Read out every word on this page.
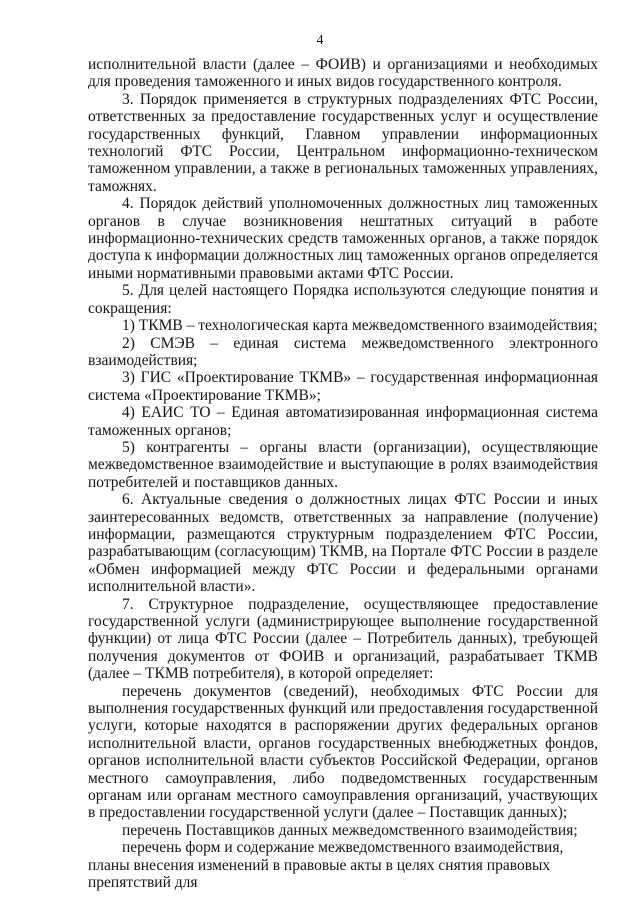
4

исполнительной власти (далее – ФОИВ) и организациями и необходимых для проведения таможенного и иных видов государственного контроля.

3. Порядок применяется в структурных подразделениях ФТС России, ответственных за предоставление государственных услуг и осуществление государственных функций, Главном управлении информационных технологий ФТС России, Центральном информационно-техническом таможенном управлении, а также в региональных таможенных управлениях, таможнях.

4. Порядок действий уполномоченных должностных лиц таможенных органов в случае возникновения нештатных ситуаций в работе информационно-технических средств таможенных органов, а также порядок доступа к информации должностных лиц таможенных органов определяется иными нормативными правовыми актами ФТС России.

5. Для целей настоящего Порядка используются следующие понятия и сокращения:

1) ТКМВ – технологическая карта межведомственного взаимодействия;

2) СМЭВ – единая система межведомственного электронного взаимодействия;

3) ГИС «Проектирование ТКМВ» – государственная информационная система «Проектирование ТКМВ»;

4) ЕАИС ТО – Единая автоматизированная информационная система таможенных органов;

5) контрагенты – органы власти (организации), осуществляющие межведомственное взаимодействие и выступающие в ролях взаимодействия потребителей и поставщиков данных.

6. Актуальные сведения о должностных лицах ФТС России и иных заинтересованных ведомств, ответственных за направление (получение) информации, размещаются структурным подразделением ФТС России, разрабатывающим (согласующим) ТКМВ, на Портале ФТС России в разделе «Обмен информацией между ФТС России и федеральными органами исполнительной власти».

7. Структурное подразделение, осуществляющее предоставление государственной услуги (администрирующее выполнение государственной функции) от лица ФТС России (далее – Потребитель данных), требующей получения документов от ФОИВ и организаций, разрабатывает ТКМВ (далее – ТКМВ потребителя), в которой определяет:

перечень документов (сведений), необходимых ФТС России для выполнения государственных функций или предоставления государственной услуги, которые находятся в распоряжении других федеральных органов исполнительной власти, органов государственных внебюджетных фондов, органов исполнительной власти субъектов Российской Федерации, органов местного самоуправления, либо подведомственных государственным органам или органам местного самоуправления организаций, участвующих в предоставлении государственной услуги (далее – Поставщик данных);

перечень Поставщиков данных межведомственного взаимодействия;

перечень форм и содержание межведомственного взаимодействия, планы внесения изменений в правовые акты в целях снятия правовых препятствий для
